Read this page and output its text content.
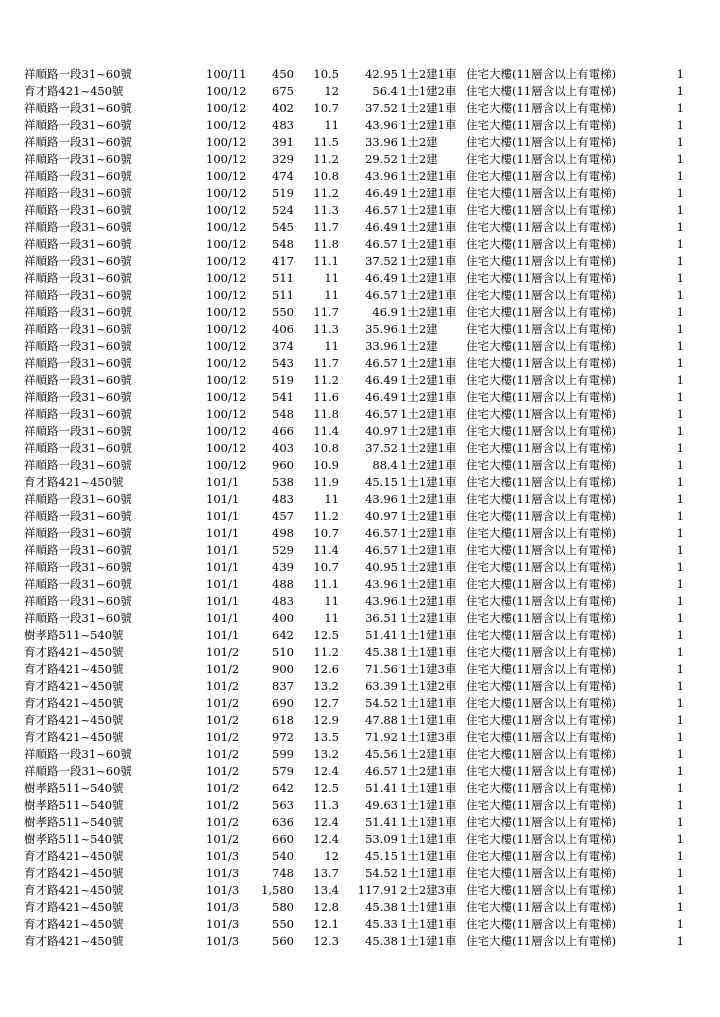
祥順路一段31~60號	100/11 450 10.5 42.95 1土2建1車 住宅大樓(11層含以上有電梯)	1
育才路421~450號	100/12 675	12	56.4 1土1建2車 住宅大樓(11層含以上有電梯)	1
祥順路一段31~60號	100/12 402 10.7 37.52 1土2建1車 住宅大樓(11層含以上有電梯)	1
祥順路一段31~60號	100/12 483	11 43.96 1土2建1車 住宅大樓(11層含以上有電梯)	1
祥順路一段31~60號	100/12 391 11.5 33.96 1土2建 住宅大樓(11層含以上有電梯)	1
祥順路一段31~60號	100/12 329 11.2 29.52 1土2建 住宅大樓(11層含以上有電梯)	1
祥順路一段31~60號	100/12 474 10.8 43.96 1土2建1車 住宅大樓(11層含以上有電梯)	1
祥順路一段31~60號	100/12 519 11.2 46.49 1土2建1車 住宅大樓(11層含以上有電梯)	1
祥順路一段31~60號	100/12 524 11.3 46.57 1土2建1車 住宅大樓(11層含以上有電梯)	1
祥順路一段31~60號	100/12 545 11.7 46.49 1土2建1車 住宅大樓(11層含以上有電梯)	1
祥順路一段31~60號	100/12 548 11.8 46.57 1土2建1車 住宅大樓(11層含以上有電梯)	1
祥順路一段31~60號	100/12 417 11.1 37.52 1土2建1車 住宅大樓(11層含以上有電梯)	1
祥順路一段31~60號	100/12 511	11 46.49 1土2建1車 住宅大樓(11層含以上有電梯)	1
祥順路一段31~60號	100/12 511	11 46.57 1土2建1車 住宅大樓(11層含以上有電梯)	1
祥順路一段31~60號	100/12 550 11.7	46.9 1土2建1車 住宅大樓(11層含以上有電梯)	1
祥順路一段31~60號	100/12 406 11.3 35.96 1土2建 住宅大樓(11層含以上有電梯)	1
祥順路一段31~60號	100/12 374	11 33.96 1土2建 住宅大樓(11層含以上有電梯)	1
祥順路一段31~60號	100/12 543 11.7 46.57 1土2建1車 住宅大樓(11層含以上有電梯)	1
祥順路一段31~60號	100/12 519 11.2 46.49 1土2建1車 住宅大樓(11層含以上有電梯)	1
祥順路一段31~60號	100/12 541 11.6 46.49 1土2建1車 住宅大樓(11層含以上有電梯)	1
祥順路一段31~60號	100/12 548 11.8 46.57 1土2建1車 住宅大樓(11層含以上有電梯)	1
祥順路一段31~60號	100/12 466 11.4 40.97 1土2建1車 住宅大樓(11層含以上有電梯)	1
祥順路一段31~60號	100/12 403 10.8 37.52 1土2建1車 住宅大樓(11層含以上有電梯)	1
祥順路一段31~60號	100/12 960 10.9	88.4 1土2建1車 住宅大樓(11層含以上有電梯)	1
育才路421~450號	101/1	538 11.9 45.15 1土1建1車 住宅大樓(11層含以上有電梯)	1
祥順路一段31~60號	101/1	483	11 43.96 1土2建1車 住宅大樓(11層含以上有電梯)	1
祥順路一段31~60號	101/1	457 11.2 40.97 1土2建1車 住宅大樓(11層含以上有電梯)	1
祥順路一段31~60號	101/1	498 10.7 46.57 1土2建1車 住宅大樓(11層含以上有電梯)	1
祥順路一段31~60號	101/1	529 11.4 46.57 1土2建1車 住宅大樓(11層含以上有電梯)	1
祥順路一段31~60號	101/1	439 10.7 40.95 1土2建1車 住宅大樓(11層含以上有電梯)	1
祥順路一段31~60號	101/1	488 11.1 43.96 1土2建1車 住宅大樓(11層含以上有電梯)	1
祥順路一段31~60號	101/1	483	11 43.96 1土2建1車 住宅大樓(11層含以上有電梯)	1
祥順路一段31~60號	101/1	400	11 36.51 1土2建1車 住宅大樓(11層含以上有電梯)	1
樹孝路511~540號	101/1	642 12.5 51.41 1土1建1車 住宅大樓(11層含以上有電梯)	1
育才路421~450號	101/2	510 11.2 45.38 1土1建1車 住宅大樓(11層含以上有電梯)	1
育才路421~450號	101/2	900 12.6 71.56 1土1建3車 住宅大樓(11層含以上有電梯)	1
育才路421~450號	101/2	837 13.2 63.39 1土1建2車 住宅大樓(11層含以上有電梯)	1
育才路421~450號	101/2	690 12.7 54.52 1土1建1車 住宅大樓(11層含以上有電梯)	1
育才路421~450號	101/2	618 12.9 47.88 1土1建1車 住宅大樓(11層含以上有電梯)	1
育才路421~450號	101/2	972 13.5 71.92 1土1建3車 住宅大樓(11層含以上有電梯)	1
祥順路一段31~60號	101/2	599 13.2 45.56 1土2建1車 住宅大樓(11層含以上有電梯)	1
祥順路一段31~60號	101/2	579 12.4 46.57 1土2建1車 住宅大樓(11層含以上有電梯)	1
樹孝路511~540號	101/2	642 12.5 51.41 1土1建1車 住宅大樓(11層含以上有電梯)	1
樹孝路511~540號	101/2	563 11.3 49.63 1土1建1車 住宅大樓(11層含以上有電梯)	1
樹孝路511~540號	101/2	636 12.4 51.41 1土1建1車 住宅大樓(11層含以上有電梯)	1
樹孝路511~540號	101/2	660 12.4 53.09 1土1建1車 住宅大樓(11層含以上有電梯)	1
育才路421~450號	101/3	540	12 45.15 1土1建1車 住宅大樓(11層含以上有電梯)	1
育才路421~450號	101/3	748 13.7 54.52 1土1建1車 住宅大樓(11層含以上有電梯)	1
育才路421~450號	101/3 1,580 13.4 117.91 2土2建3車 住宅大樓(11層含以上有電梯)	1
育才路421~450號	101/3	580 12.8 45.38 1土1建1車 住宅大樓(11層含以上有電梯)	1
育才路421~450號	101/3	550 12.1 45.33 1土1建1車 住宅大樓(11層含以上有電梯)	1
育才路421~450號	101/3	560 12.3 45.38 1土1建1車 住宅大樓(11層含以上有電梯)	1
